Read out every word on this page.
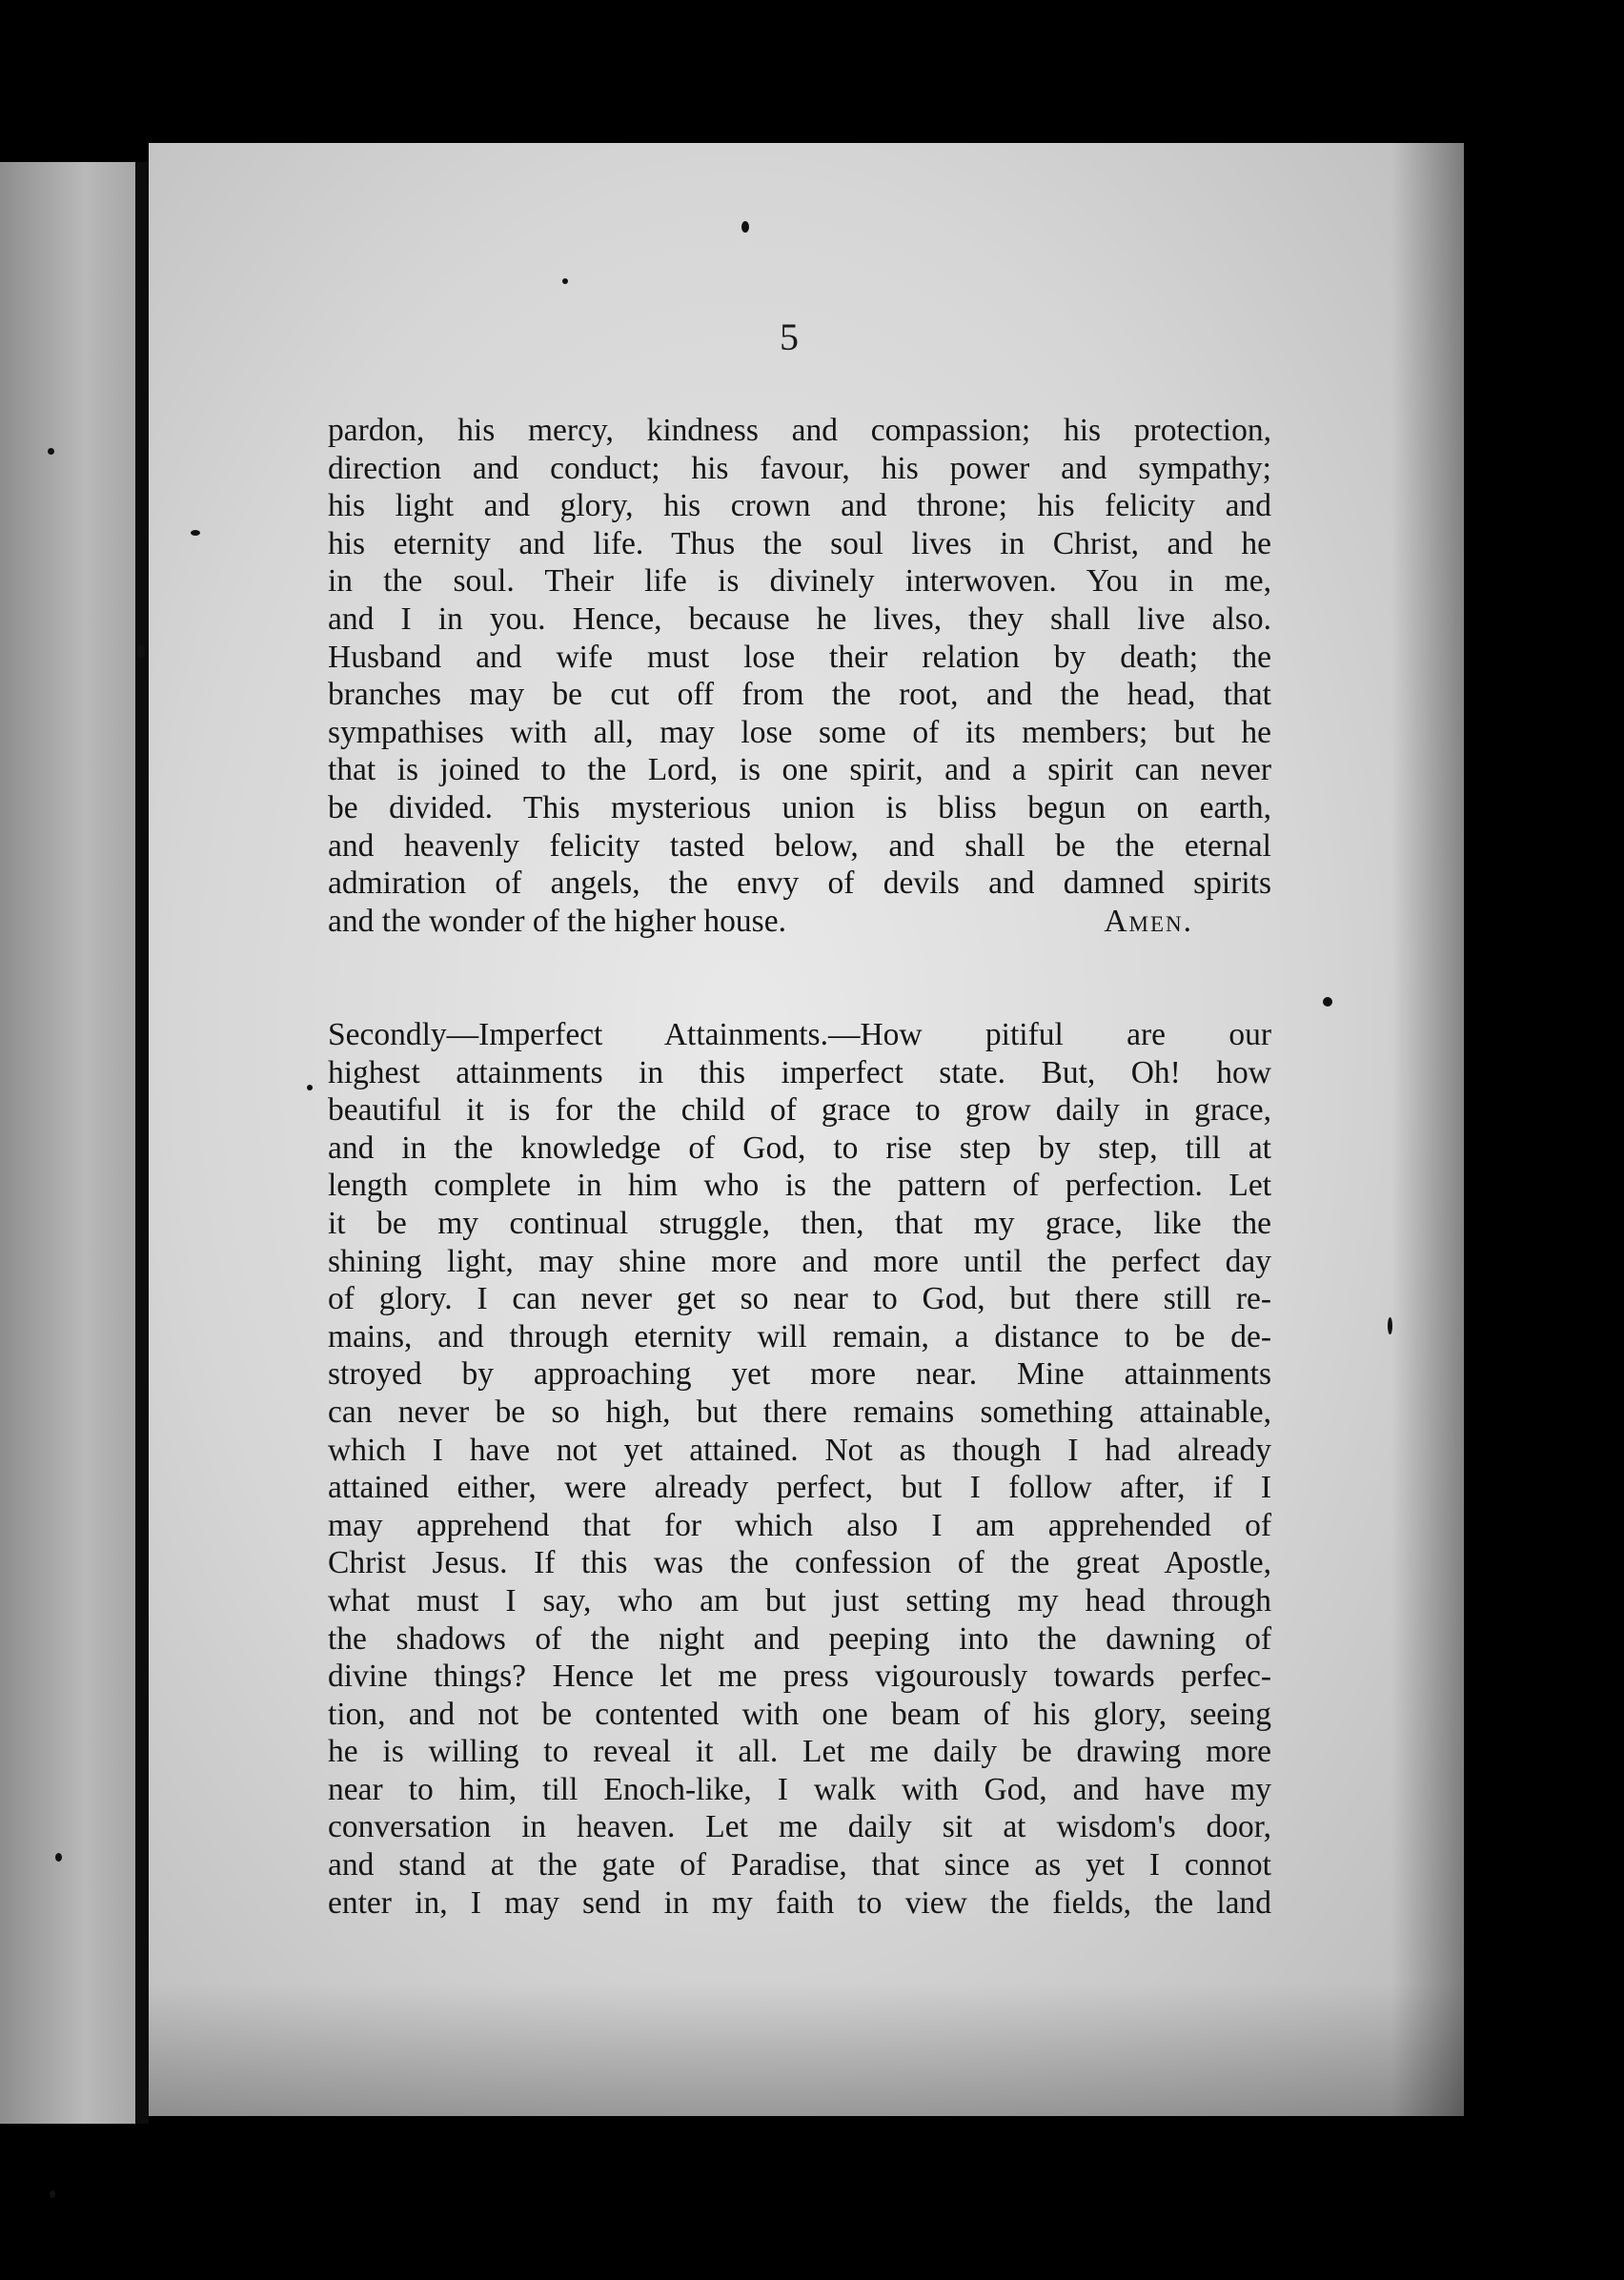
5
pardon, his mercy, kindness and compassion; his protection,
direction and conduct; his favour, his power and sympathy;
his light and glory, his crown and throne; his felicity and
his eternity and life. Thus the soul lives in Christ, and he
in the soul. Their life is divinely interwoven. You in me,
and I in you. Hence, because he lives, they shall live also.
Husband and wife must lose their relation by death; the
branches may be cut off from the root, and the head, that
sympathises with all, may lose some of its members; but he
that is joined to the Lord, is one spirit, and a spirit can never
be divided. This mysterious union is bliss begun on earth,
and heavenly felicity tasted below, and shall be the eternal
admiration of angels, the envy of devils and damned spirits
and the wonder of the higher house.	Amen.
Secondly—Imperfect Attainments.—How pitiful are our
highest attainments in this imperfect state. But, Oh! how
beautiful it is for the child of grace to grow daily in grace,
and in the knowledge of God, to rise step by step, till at
length complete in him who is the pattern of perfection. Let
it be my continual struggle, then, that my grace, like the
shining light, may shine more and more until the perfect day
of glory. I can never get so near to God, but there still re-
mains, and through eternity will remain, a distance to be de-
stroyed by approaching yet more near. Mine attainments
can never be so high, but there remains something attainable,
which I have not yet attained. Not as though I had already
attained either, were already perfect, but I follow after, if I
may apprehend that for which also I am apprehended of
Christ Jesus. If this was the confession of the great Apostle,
what must I say, who am but just setting my head through
the shadows of the night and peeping into the dawning of
divine things? Hence let me press vigourously towards perfec-
tion, and not be contented with one beam of his glory, seeing
he is willing to reveal it all. Let me daily be drawing more
near to him, till Enoch-like, I walk with God, and have my
conversation in heaven. Let me daily sit at wisdom's door,
and stand at the gate of Paradise, that since as yet I connot
enter in, I may send in my faith to view the fields, the land
